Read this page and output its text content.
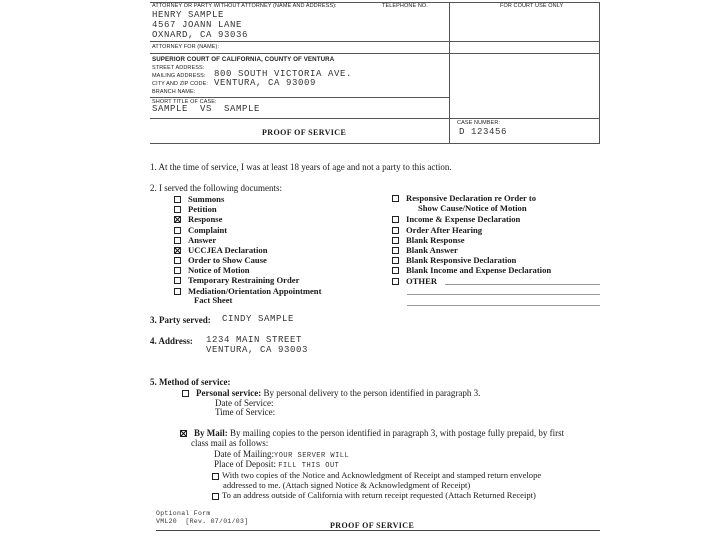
ATTORNEY OR PARTY WITHOUT ATTORNEY (NAME AND ADDRESS):	TELEPHONE NO.	FOR COURT USE ONLY
HENRY SAMPLE
4567 JOANN LANE
OXNARD, CA 93036
ATTORNEY FOR (NAME):
SUPERIOR COURT OF CALIFORNIA, COUNTY OF VENTURA
STREET ADDRESS:
MAILING ADDRESS: 800 SOUTH VICTORIA AVE.
CITY AND ZIP CODE: VENTURA, CA 93009
BRANCH NAME:
SHORT TITLE OF CASE:
SAMPLE  VS  SAMPLE
CASE NUMBER:
D 123456
PROOF OF SERVICE
1. At the time of service, I was at least 18 years of age and not a party to this action.
2. I served the following documents:
Summons
Petition
Response
Complaint
Answer
UCCJEA Declaration
Order to Show Cause
Notice of Motion
Temporary Restraining Order
Mediation/Orientation Appointment
Fact Sheet
Responsive Declaration re Order to
Show Cause/Notice of Motion
Income & Expense Declaration
Order After Hearing
Blank Response
Blank Answer
Blank Responsive Declaration
Blank Income and Expense Declaration
OTHER
3. Party served: CINDY SAMPLE
4. Address: 1234 MAIN STREET
VENTURA, CA 93003
5. Method of service:
Personal service: By personal delivery to the person identified in paragraph 3.
Date of Service:
Time of Service:
By Mail: By mailing copies to the person identified in paragraph 3, with postage fully prepaid, by first
class mail as follows:
Date of Mailing:YOUR SERVER WILL
Place of Deposit: FILL THIS OUT
With two copies of the Notice and Acknowledgment of Receipt and stamped return envelope
addressed to me. (Attach signed Notice & Acknowledgment of Receipt)
To an address outside of California with return receipt requested (Attach Returned Receipt)
Optional Form
VML20  [Rev. 07/01/03]	PROOF OF SERVICE
